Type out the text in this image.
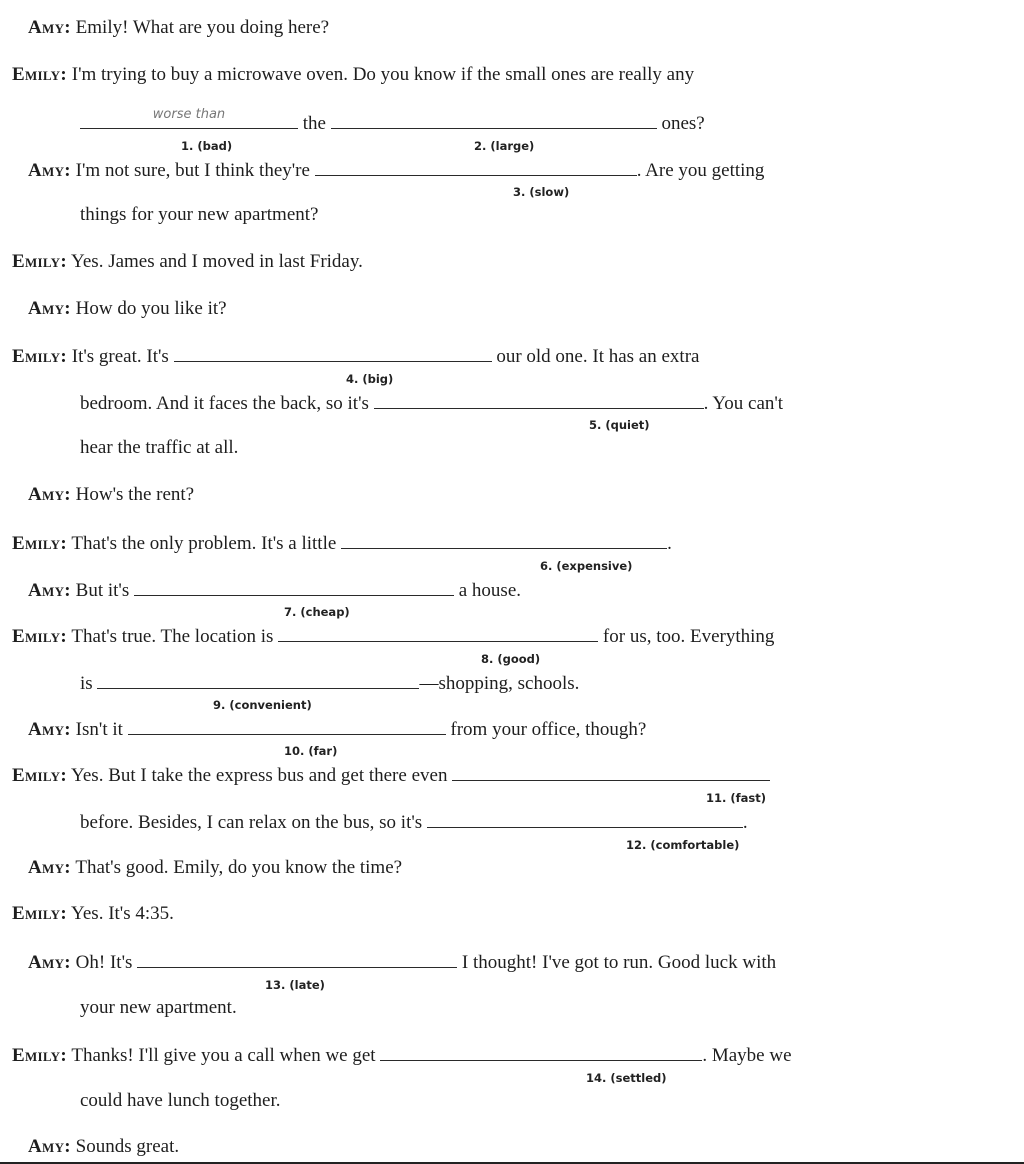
Amy: Emily! What are you doing here?
Emily: I'm trying to buy a microwave oven. Do you know if the small ones are really any
worse than	the	ones?
1. (bad)	2. (large)
Amy: I'm not sure, but I think they're	. Are you getting
3. (slow)
things for your new apartment?
Emily: Yes. James and I moved in last Friday.
Amy: How do you like it?
Emily: It's great. It's	our old one. It has an extra
4. (big)
bedroom. And it faces the back, so it's	. You can't
5. (quiet)
hear the traffic at all.
Amy: How's the rent?
Emily: That's the only problem. It's a little	.
6. (expensive)
Amy: But it's	a house.
7. (cheap)
Emily: That's true. The location is	for us, too. Everything
8. (good)
is	—shopping, schools.
9. (convenient)
Amy: Isn't it	from your office, though?
10. (far)
Emily: Yes. But I take the express bus and get there even
11. (fast)
before. Besides, I can relax on the bus, so it's	.
12. (comfortable)
Amy: That's good. Emily, do you know the time?
Emily: Yes. It's 4:35.
Amy: Oh! It's	I thought! I've got to run. Good luck with
13. (late)
your new apartment.
Emily: Thanks! I'll give you a call when we get	. Maybe we
14. (settled)
could have lunch together.
Amy: Sounds great.
